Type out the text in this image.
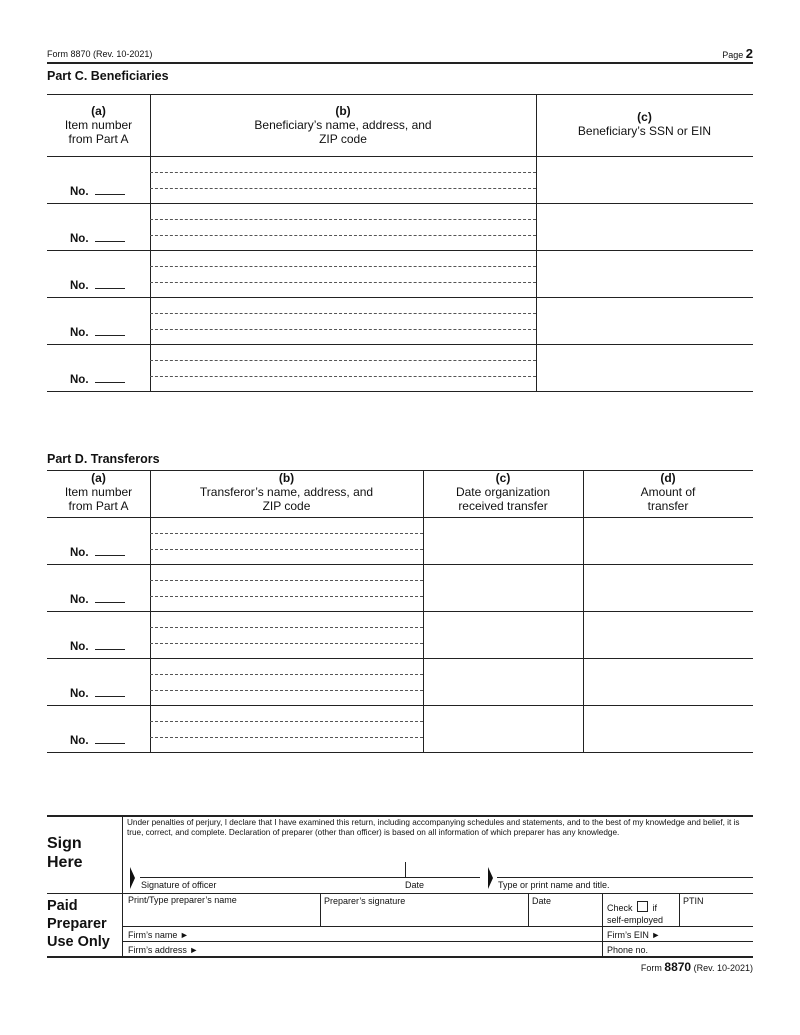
Form 8870 (Rev. 10-2021)	Page 2
Part C. Beneficiaries
(a)
Item number
from Part A
(b)
Beneficiary’s name, address, and
ZIP code
(c)
Beneficiary’s SSN or EIN
No.
No.
No.
No.
No.
Part D. Transferors
(a)
Item number
from Part A
(b)
Transferor’s name, address, and
ZIP code
(c)
Date organization
received transfer
(d)
Amount of
transfer
No.
No.
No.
No.
No.
Sign
Here
Under penalties of perjury, I declare that I have examined this return, including accompanying schedules and statements, and to the best of my knowledge and belief, it is true, correct, and complete. Declaration of preparer (other than officer) is based on all information of which preparer has any knowledge.
Signature of officer	Date	Type or print name and title.
Paid
Preparer
Use Only
Print/Type preparer’s name	Preparer’s signature	Date
Check if
self-employed
PTIN
Firm’s name ►	Firm’s EIN ►
Firm’s address ►	Phone no.
Form 8870 (Rev. 10-2021)
